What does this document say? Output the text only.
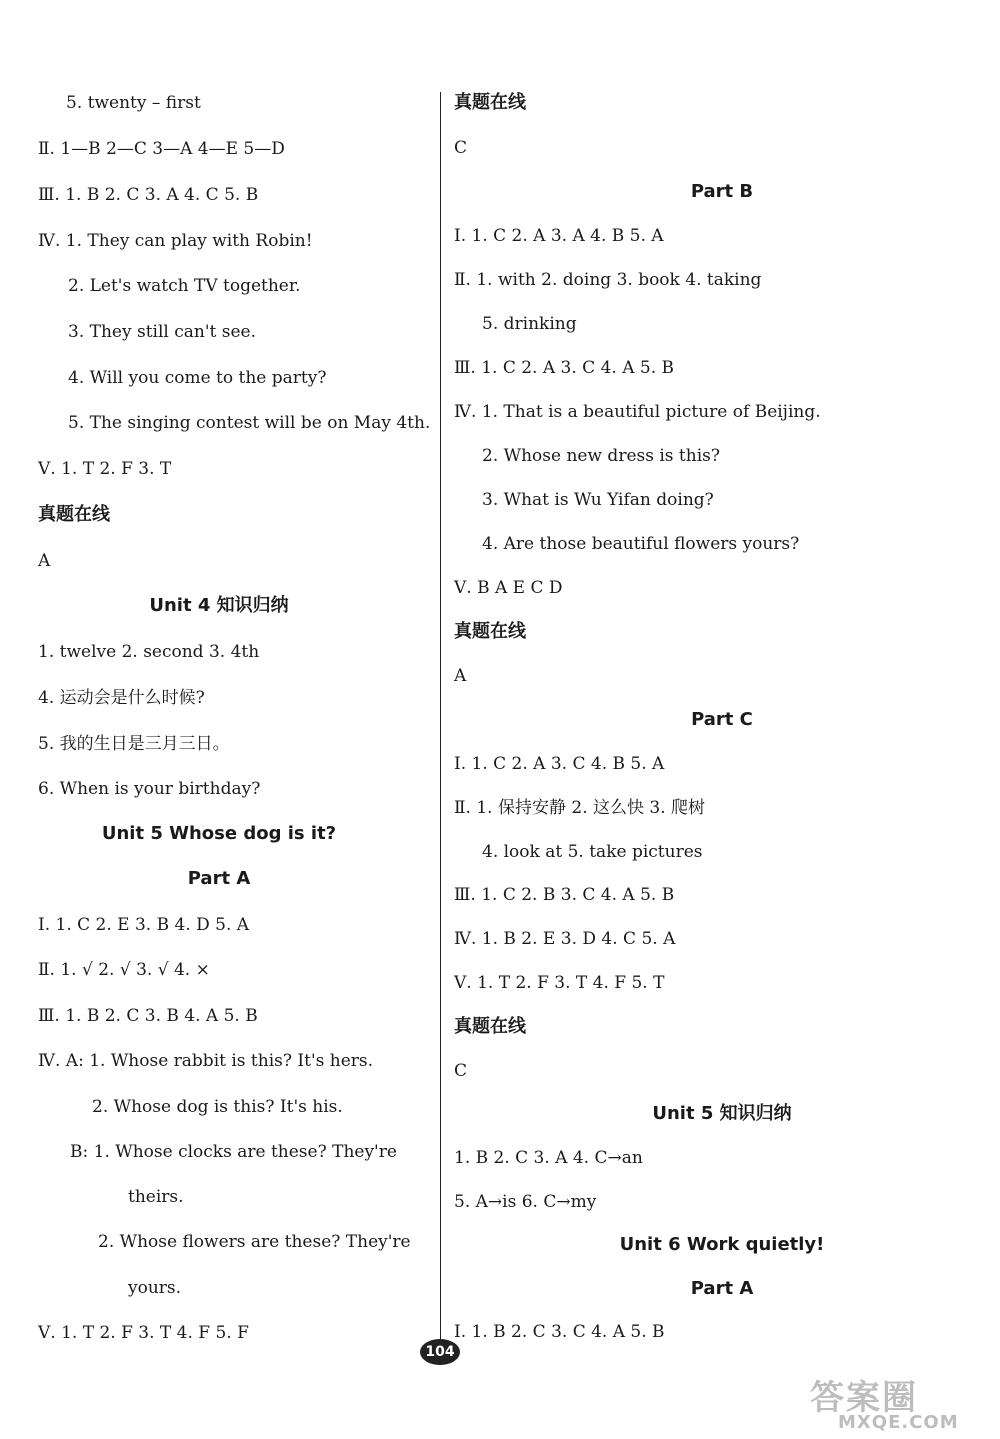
5. twenty – first
Ⅱ. 1—B 2—C 3—A 4—E 5—D
Ⅲ. 1. B 2. C 3. A 4. C 5. B
Ⅳ. 1. They can play with Robin!
2. Let's watch TV together.
3. They still can't see.
4. Will you come to the party?
5. The singing contest will be on May 4th.
Ⅴ. 1. T 2. F 3. T
真题在线
A
Unit 4 知识归纳
1. twelve 2. second 3. 4th
4. 运动会是什么时候?
5. 我的生日是三月三日。
6. When is your birthday?
Unit 5 Whose dog is it?
Part A
Ⅰ. 1. C 2. E 3. B 4. D 5. A
Ⅱ. 1. √ 2. √ 3. √ 4. ×
Ⅲ. 1. B 2. C 3. B 4. A 5. B
Ⅳ. A: 1. Whose rabbit is this? It's hers.
2. Whose dog is this? It's his.
B: 1. Whose clocks are these? They're
theirs.
2. Whose flowers are these? They're
yours.
Ⅴ. 1. T 2. F 3. T 4. F 5. F
真题在线
C
Part B
Ⅰ. 1. C 2. A 3. A 4. B 5. A
Ⅱ. 1. with 2. doing 3. book 4. taking
5. drinking
Ⅲ. 1. C 2. A 3. C 4. A 5. B
Ⅳ. 1. That is a beautiful picture of Beijing.
2. Whose new dress is this?
3. What is Wu Yifan doing?
4. Are those beautiful flowers yours?
Ⅴ. B A E C D
真题在线
A
Part C
Ⅰ. 1. C 2. A 3. C 4. B 5. A
Ⅱ. 1. 保持安静 2. 这么快 3. 爬树
4. look at 5. take pictures
Ⅲ. 1. C 2. B 3. C 4. A 5. B
Ⅳ. 1. B 2. E 3. D 4. C 5. A
Ⅴ. 1. T 2. F 3. T 4. F 5. T
真题在线
C
Unit 5 知识归纳
1. B 2. C 3. A 4. C→an
5. A→is 6. C→my
Unit 6 Work quietly!
Part A
Ⅰ. 1. B 2. C 3. C 4. A 5. B
104
答案圈
MXQE.COM
